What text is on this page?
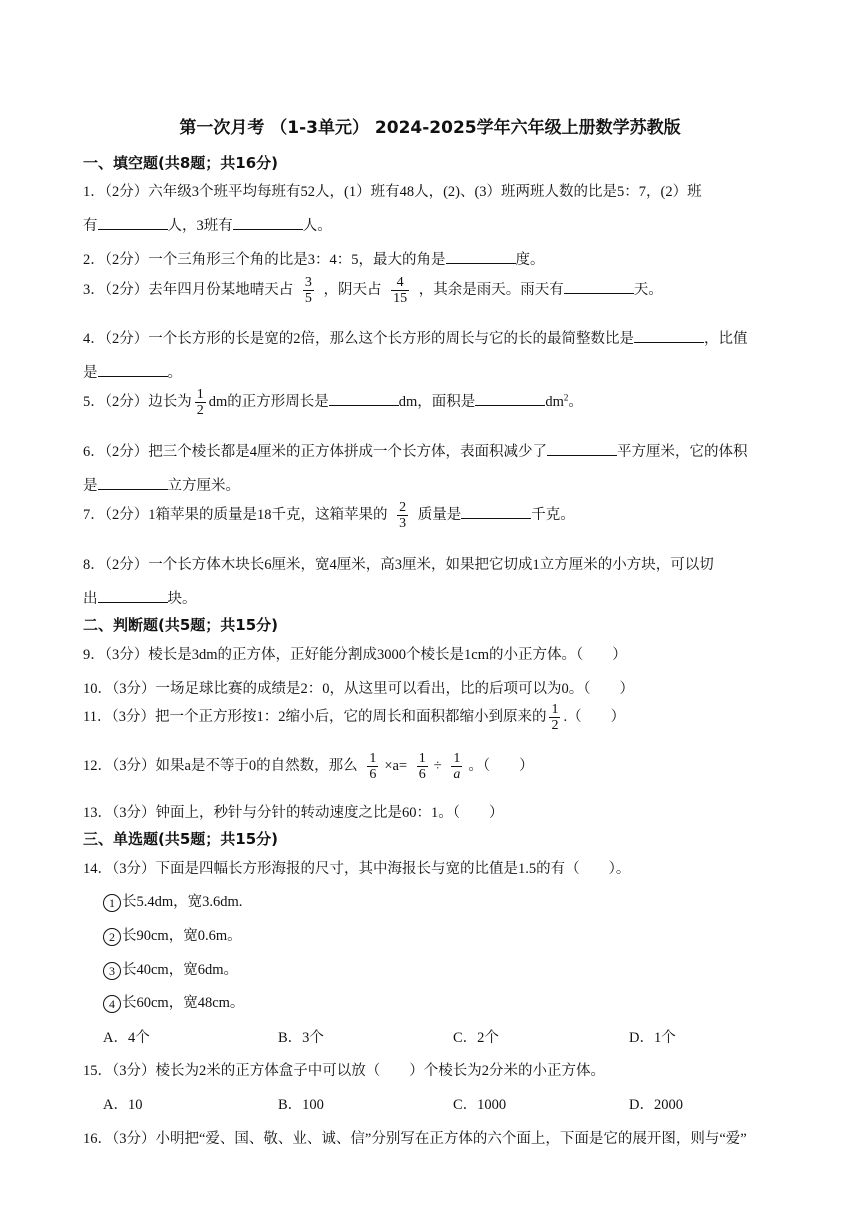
第一次月考 （1-3单元） 2024-2025学年六年级上册数学苏教版
一、填空题(共8题；共16分)
1．（2分）六年级3个班平均每班有52人，(1）班有48人，(2)、(3）班两班人数的比是5：7，(2）班
有	人，3班有	人。
2．（2分）一个三角形三个角的比是3：4：5，最大的角是	度。
3．（2分）去年四月份某地晴天占 $\frac{3}{5}$ ，阴天占 $\frac{4}{15}$ ，其余是雨天。雨天有	天。
4．（2分）一个长方形的长是宽的2倍，那么这个长方形的周长与它的长的最简整数比是	，比值
是	。
5．（2分）边长为 $\frac{1}{2}$ dm的正方形周长是	dm，面积是	$dm^2$。
6．（2分）把三个棱长都是4厘米的正方体拼成一个长方体，表面积减少了	平方厘米，它的体积
是	立方厘米。
7．（2分）1箱苹果的质量是18千克，这箱苹果的 $\frac{2}{3}$ 质量是	千克。
8．（2分）一个长方体木块长6厘米，宽4厘米，高3厘米，如果把它切成1立方厘米的小方块，可以切
出	块。
二、判断题(共5题；共15分)
9．（3分）棱长是3dm的正方体，正好能分割成3000个棱长是1cm的小正方体。（　　）
10．（3分）一场足球比赛的成绩是2：0，从这里可以看出，比的后项可以为0。（　　）
11．（3分）把一个正方形按1：2缩小后，它的周长和面积都缩小到原来的 $\frac{1}{2}$ .（　　）
12．（3分）如果a是不等于0的自然数，那么 $\frac{1}{6} \times a= \frac{1}{6} \div \frac{1}{a}$ 。（　　）
13．（3分）钟面上，秒针与分针的转动速度之比是60：1。（　　）
三、单选题(共5题；共15分)
14．（3分）下面是四幅长方形海报的尺寸，其中海报长与宽的比值是1.5的有（　　）。
1 长5.4dm，宽3.6dm.
2 长90cm，宽0.6m。
3 长40cm，宽6dm。
4 长60cm，宽48cm。
A．4个	B．3个	C．2个	D．1个
15．（3分）棱长为2米的正方体盒子中可以放（　　）个棱长为2分米的小正方体。
A．10	B．100	C．1000	D．2000
16．（3分）小明把“爱、国、敬、业、诚、信”分别写在正方体的六个面上，下面是它的展开图，则与“爱”
